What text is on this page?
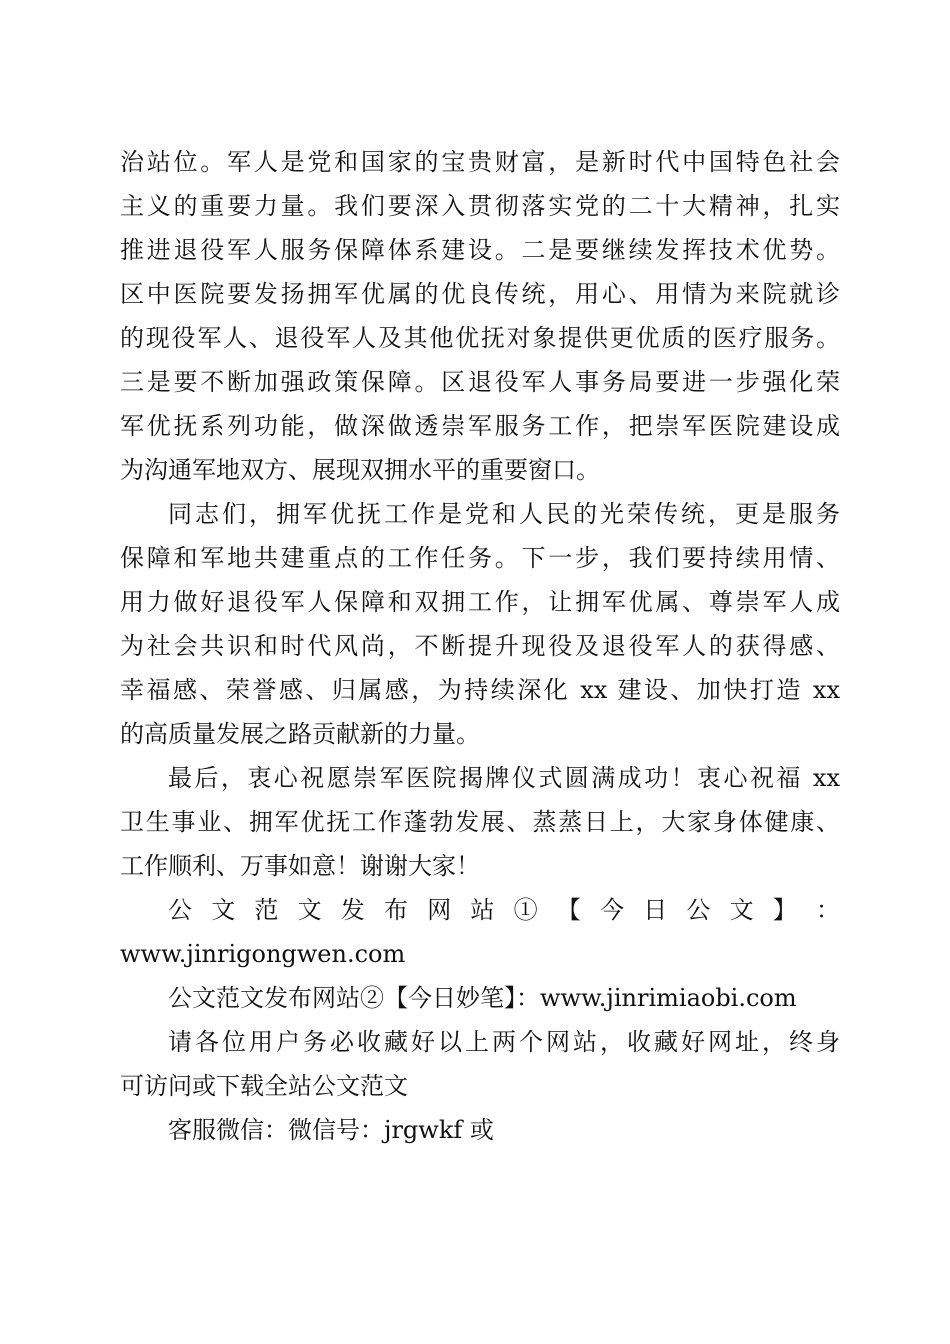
治站位。军人是党和国家的宝贵财富，是新时代中国特色社会
主义的重要力量。我们要深入贯彻落实党的二十大精神，扎实
推进退役军人服务保障体系建设。二是要继续发挥技术优势。
区中医院要发扬拥军优属的优良传统，用心、用情为来院就诊
的现役军人、退役军人及其他优抚对象提供更优质的医疗服务。
三是要不断加强政策保障。区退役军人事务局要进一步强化荣
军优抚系列功能，做深做透崇军服务工作，把崇军医院建设成
为沟通军地双方、展现双拥水平的重要窗口。
同志们，拥军优抚工作是党和人民的光荣传统，更是服务
保障和军地共建重点的工作任务。下一步，我们要持续用情、
用力做好退役军人保障和双拥工作，让拥军优属、尊崇军人成
为社会共识和时代风尚，不断提升现役及退役军人的获得感、
幸福感、荣誉感、归属感，为持续深化 xx 建设、加快打造 xx
的高质量发展之路贡献新的力量。
最后，衷心祝愿崇军医院揭牌仪式圆满成功！衷心祝福 xx
卫生事业、拥军优抚工作蓬勃发展、蒸蒸日上，大家身体健康、
工作顺利、万事如意！谢谢大家！
公 文 范 文 发 布 网 站 ① 【 今 日 公 文 】 ：
www.jinrigongwen.com
公文范文发布网站②【今日妙笔】：www.jinrimiaobi.com
请各位用户务必收藏好以上两个网站，收藏好网址，终身
可访问或下载全站公文范文
客服微信：微信号：jrgwkf 或
